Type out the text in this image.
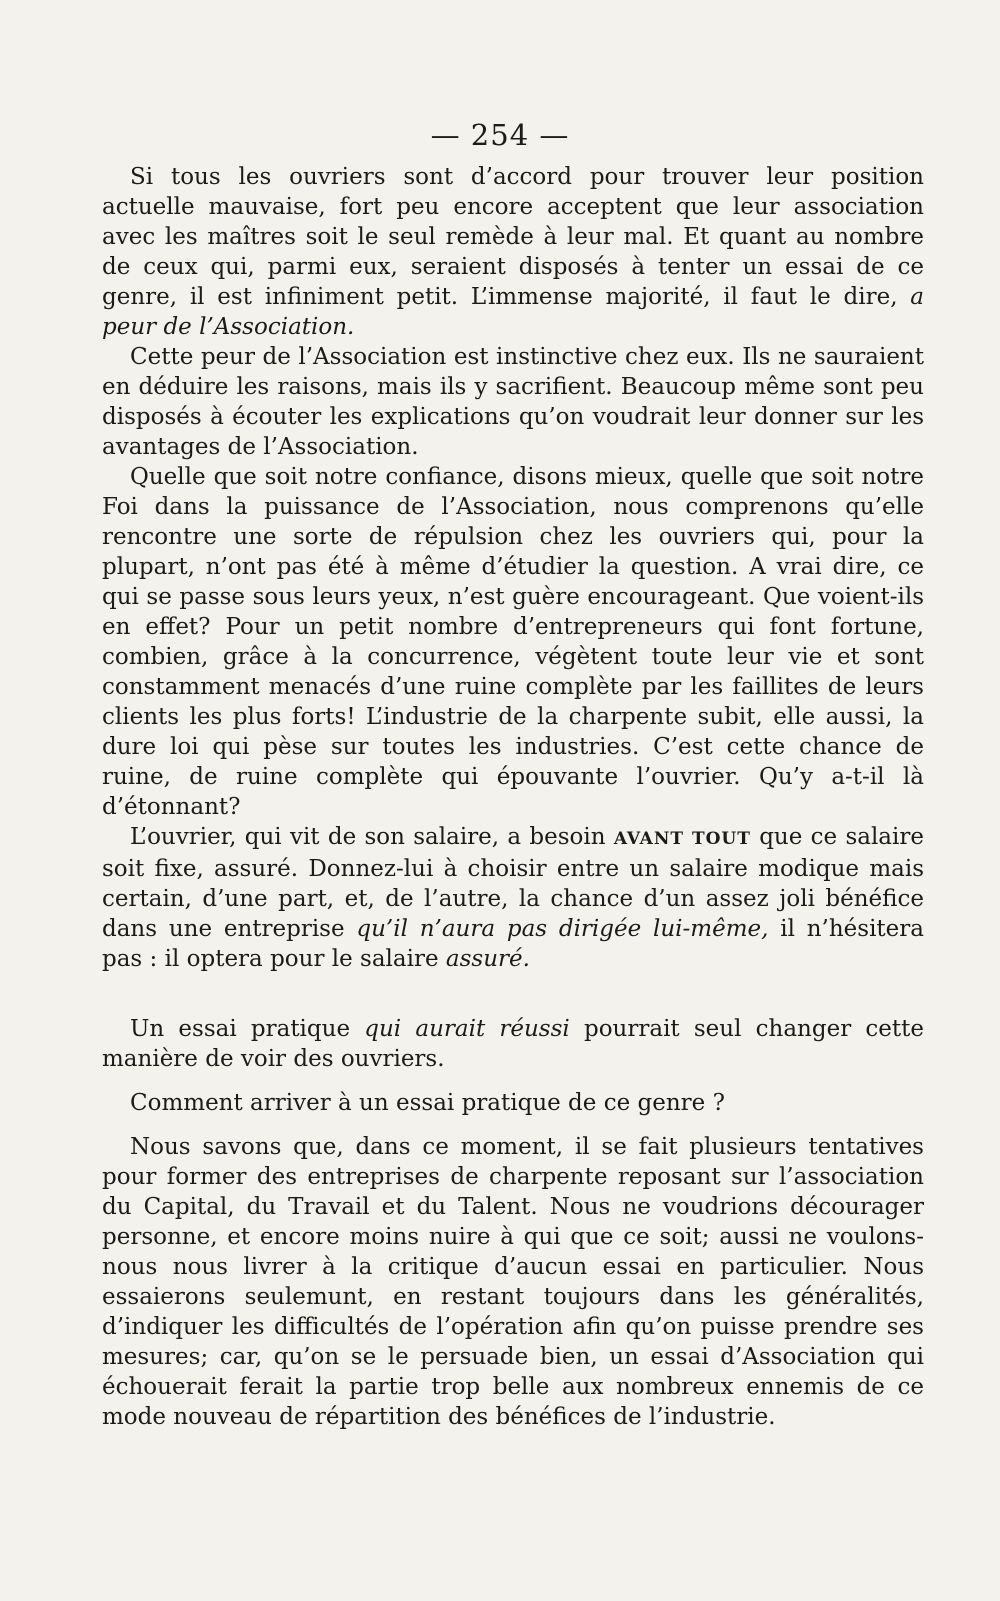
— 254 —

Si tous les ouvriers sont d’accord pour trouver leur position actuelle mauvaise, fort peu encore acceptent que leur association avec les maîtres soit le seul remède à leur mal. Et quant au nombre de ceux qui, parmi eux, seraient disposés à tenter un essai de ce genre, il est infiniment petit. L’immense majorité, il faut le dire, a peur de l’Association.

Cette peur de l’Association est instinctive chez eux. Ils ne sauraient en déduire les raisons, mais ils y sacrifient. Beaucoup même sont peu disposés à écouter les explications qu’on voudrait leur donner sur les avantages de l’Association.

Quelle que soit notre confiance, disons mieux, quelle que soit notre Foi dans la puissance de l’Association, nous comprenons qu’elle rencontre une sorte de répulsion chez les ouvriers qui, pour la plupart, n’ont pas été à même d’étudier la question. A vrai dire, ce qui se passe sous leurs yeux, n’est guère encourageant. Que voient-ils en effet? Pour un petit nombre d’entrepreneurs qui font fortune, combien, grâce à la concurrence, végètent toute leur vie et sont constamment menacés d’une ruine complète par les faillites de leurs clients les plus forts! L’industrie de la charpente subit, elle aussi, la dure loi qui pèse sur toutes les industries. C’est cette chance de ruine, de ruine complète qui épouvante l’ouvrier. Qu’y a-t-il là d’étonnant?

L’ouvrier, qui vit de son salaire, a besoin AVANT TOUT que ce salaire soit fixe, assuré. Donnez-lui à choisir entre un salaire modique mais certain, d’une part, et, de l’autre, la chance d’un assez joli bénéfice dans une entreprise qu’il n’aura pas dirigée lui-même, il n’hésitera pas : il optera pour le salaire assuré.

Un essai pratique qui aurait réussi pourrait seul changer cette manière de voir des ouvriers.

Comment arriver à un essai pratique de ce genre ?

Nous savons que, dans ce moment, il se fait plusieurs tentatives pour former des entreprises de charpente reposant sur l’association du Capital, du Travail et du Talent. Nous ne voudrions décourager personne, et encore moins nuire à qui que ce soit; aussi ne voulons-nous nous livrer à la critique d’aucun essai en particulier. Nous essaierons seulemunt, en restant toujours dans les généralités, d’indiquer les difficultés de l’opération afin qu’on puisse prendre ses mesures; car, qu’on se le persuade bien, un essai d’Association qui échouerait ferait la partie trop belle aux nombreux ennemis de ce mode nouveau de répartition des bénéfices de l’industrie.
